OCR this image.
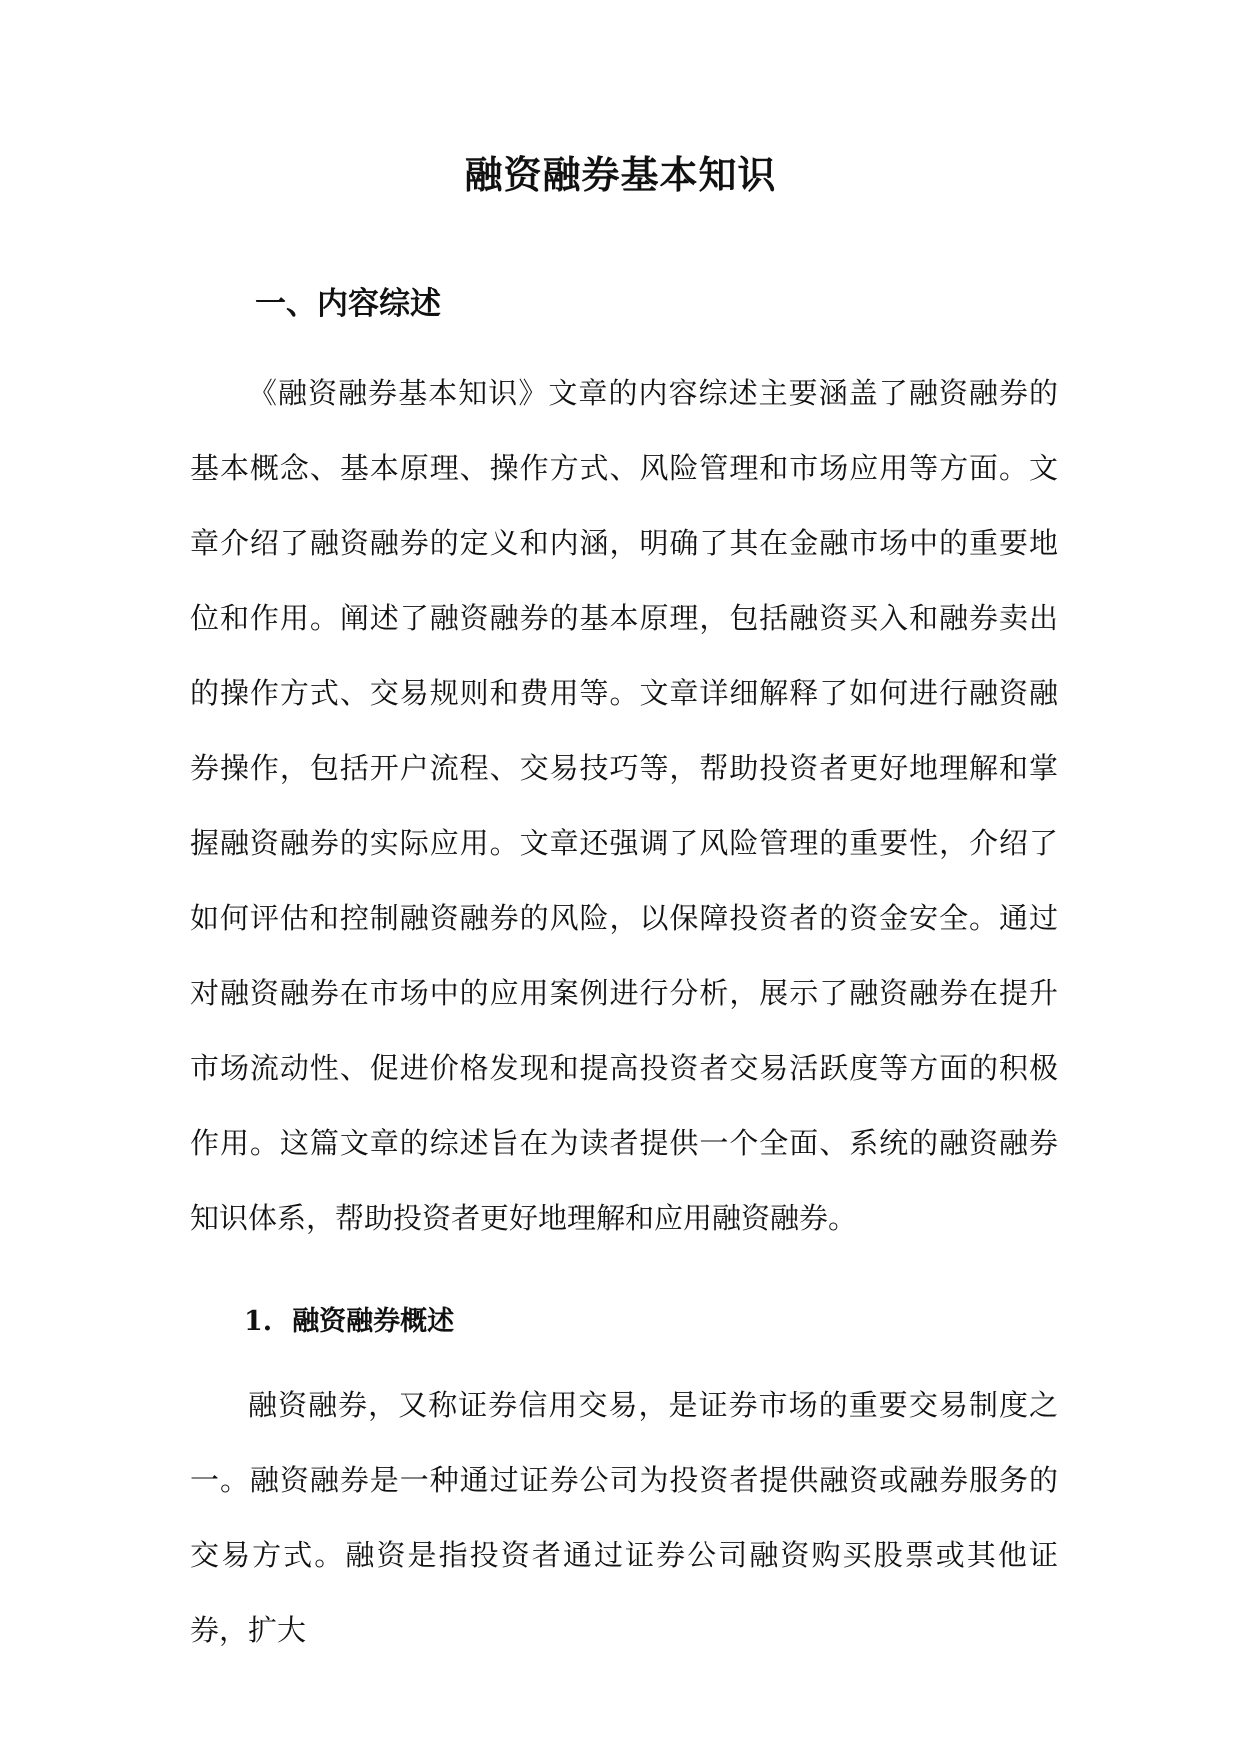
融资融券基本知识
一、内容综述

《融资融券基本知识》文章的内容综述主要涵盖了融资融券的基本概念、基本原理、操作方式、风险管理和市场应用等方面。文章介绍了融资融券的定义和内涵，明确了其在金融市场中的重要地位和作用。阐述了融资融券的基本原理，包括融资买入和融券卖出的操作方式、交易规则和费用等。文章详细解释了如何进行融资融券操作，包括开户流程、交易技巧等，帮助投资者更好地理解和掌握融资融券的实际应用。文章还强调了风险管理的重要性，介绍了如何评估和控制融资融券的风险，以保障投资者的资金安全。通过对融资融券在市场中的应用案例进行分析，展示了融资融券在提升市场流动性、促进价格发现和提高投资者交易活跃度等方面的积极作用。这篇文章的综述旨在为读者提供一个全面、系统的融资融券知识体系，帮助投资者更好地理解和应用融资融券。

1. 融资融券概述

融资融券，又称证券信用交易，是证券市场的重要交易制度之一。融资融券是一种通过证券公司为投资者提供融资或融券服务的交易方式。融资是指投资者通过证券公司融资购买股票或其他证券，扩大
